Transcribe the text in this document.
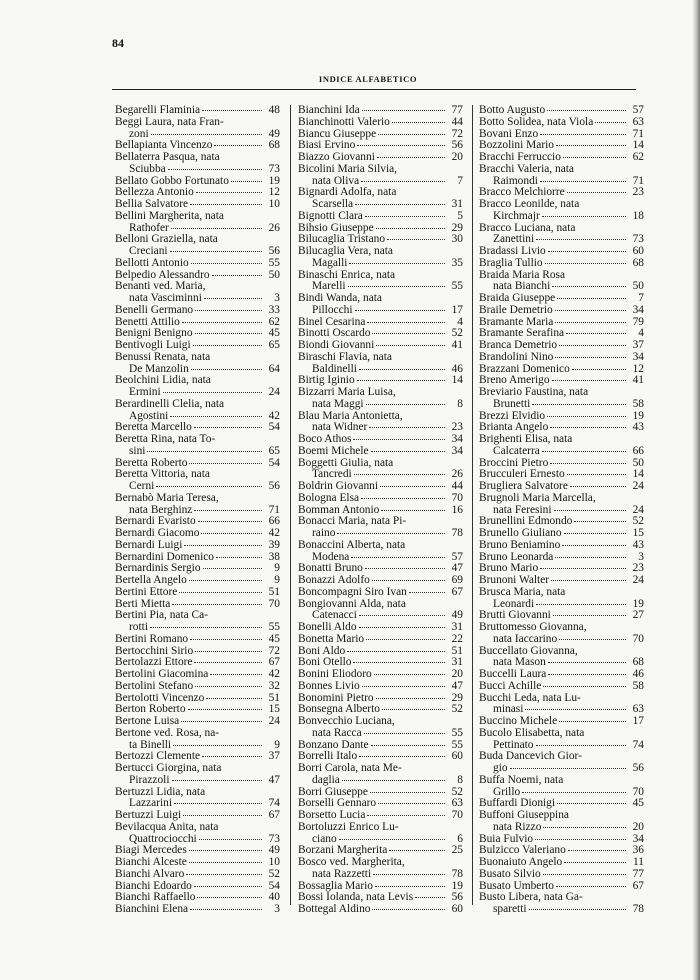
84
INDICE ALFABETICO
Begarelli Flaminia	48
Beggi Laura, nata Fran-
zoni	49
Bellapianta Vincenzo	68
Bellaterra Pasqua, nata
Sciubba	73
Bellato Gobbo Fortunato	19
Bellezza Antonio	12
Bellia Salvatore	10
Bellini Margherita, nata
Rathofer	26
Belloni Graziella, nata
Creciani	56
Bellotti Antonio	55
Belpedio Alessandro	50
Benanti ved. Maria,
nata Vasciminni	3
Benelli Germano	33
Benetti Attilio	62
Benigni Benigno	45
Bentivogli Luigi	65
Benussi Renata, nata
De Manzolin	64
Beolchini Lidia, nata
Ermini	24
Berardinelli Clelia, nata
Agostini	42
Beretta Marcello	54
Beretta Rina, nata To-
sini	65
Beretta Roberto	54
Beretta Vittoria, nata
Cerni	56
Bernabò Maria Teresa,
nata Berghinz	71
Bernardi Evaristo	66
Bernardi Giacomo	42
Bernardi Luigi	39
Bernardini Domenico	38
Bernardinis Sergio	9
Bertella Angelo	9
Bertini Ettore	51
Berti Mietta	70
Bertini Pia, nata Ca-
rotti	55
Bertini Romano	45
Bertocchini Sirio	72
Bertolazzi Ettore	67
Bertolini Giacomina	42
Bertolini Stefano	32
Bertolotti Vincenzo	51
Berton Roberto	15
Bertone Luisa	24
Bertone ved. Rosa, na-
ta Binelli	9
Bertozzi Clemente	37
Bertucci Giorgina, nata
Pirazzoli	47
Bertuzzi Lidia, nata
Lazzarini	74
Bertuzzi Luigi	67
Bevilacqua Anita, nata
Quattrociocchi	73
Biagi Mercedes	49
Bianchi Alceste	10
Bianchi Alvaro	52
Bianchi Edoardo	54
Bianchi Raffaello	40
Bianchini Elena	3
Bianchini Ida	77
Bianchinotti Valerio	44
Biancu Giuseppe	72
Biasi Ervino	56
Biazzo Giovanni	20
Bicolini Maria Silvia,
nata Oliva	7
Bignardi Adolfa, nata
Scarsella	31
Bignotti Clara	5
Bihsio Giuseppe	29
Bilucaglia Tristano	30
Bilucaglia Vera, nata
Magalli	35
Binaschi Enrica, nata
Marelli	55
Bindi Wanda, nata
Pillocchi	17
Binel Cesarina	4
Binotti Oscardo	52
Biondi Giovanni	41
Biraschi Flavia, nata
Baldinelli	46
Birtig Iginio	14
Bizzarri Maria Luisa,
nata Maggi	8
Blau Maria Antonietta,
nata Widner	23
Boco Athos	34
Boemi Michele	34
Boggetti Giulia, nata
Tancredi	26
Boldrin Giovanni	44
Bologna Elsa	70
Bomman Antonio	16
Bonacci Maria, nata Pi-
raino	78
Bonaccini Alberta, nata
Modena	57
Bonatti Bruno	47
Bonazzi Adolfo	69
Boncompagni Siro Ivan	67
Bongiovanni Alda, nata
Catenacci	49
Bonelli Aldo	31
Bonetta Mario	22
Boni Aldo	51
Boni Otello	31
Bonini Eliodoro	20
Bonnes Livio	47
Bonomini Pietro	29
Bonsegna Alberto	52
Bonvecchio Luciana,
nata Racca	55
Bonzano Dante	55
Borrelli Italo	60
Borri Carola, nata Me-
daglia	8
Borri Giuseppe	52
Borselli Gennaro	63
Borsetto Lucia	70
Bortoluzzi Enrico Lu-
ciano	6
Borzani Margherita	25
Bosco ved. Margherita,
nata Razzetti	78
Bossaglia Mario	19
Bossi Iolanda, nata Levis	56
Bottegal Aldino	60
Botto Augusto	57
Botto Solidea, nata Viola	63
Bovani Enzo	71
Bozzolini Mario	14
Bracchi Ferruccio	62
Bracchi Valeria, nata
Raimondi	71
Bracco Melchiorre	23
Bracco Leonilde, nata
Kirchmajr	18
Bracco Luciana, nata
Zanettini	73
Bradassi Livio	60
Braglia Tullio	68
Braida Maria Rosa
nata Bianchi	50
Braida Giuseppe	7
Braile Demetrio	34
Bramante Maria	79
Bramante Serafina	4
Branca Demetrio	37
Brandolini Nino	34
Brazzani Domenico	12
Breno Amerigo	41
Breviario Faustina, nata
Brunetti	58
Brezzi Elvidio	19
Brianta Angelo	43
Brighenti Elisa, nata
Calcaterra	66
Broccini Pietro	50
Brucculeri Ernesto	14
Brugliera Salvatore	24
Brugnoli Maria Marcella,
nata Feresini	24
Brunellini Edmondo	52
Brunello Giuliano	15
Bruno Beniamino	43
Bruno Leonarda	3
Bruno Mario	23
Brunoni Walter	24
Brusca Maria, nata
Leonardi	19
Brutti Giovanni	27
Bruttomesso Giovanna,
nata Iaccarino	70
Buccellato Giovanna,
nata Mason	68
Buccelli Laura	46
Bucci Achille	58
Bucchi Leda, nata Lu-
minasi	63
Buccino Michele	17
Bucolo Elisabetta, nata
Pettinato	74
Buda Dancevich Gior-
gio	56
Buffa Noemi, nata
Grillo	70
Buffardi Dionigi	45
Buffoni Giuseppina
nata Rizzo	20
Buia Fulvio	34
Bulzicco Valeriano	36
Buonaiuto Angelo	11
Busato Silvio	77
Busato Umberto	67
Busto Libera, nata Ga-
sparetti	78
